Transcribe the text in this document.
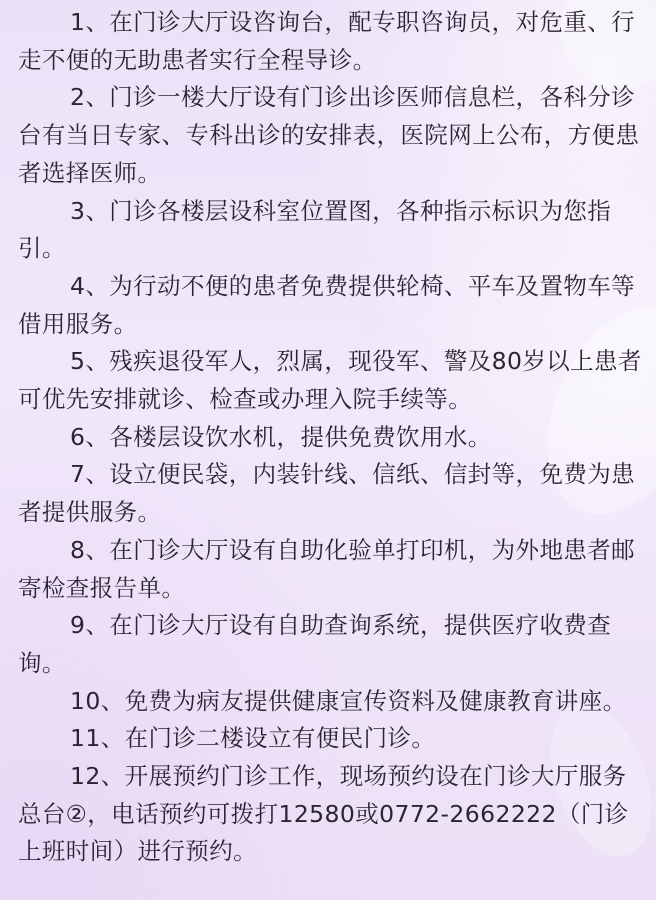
1、在门诊大厅设咨询台，配专职咨询员，对危重、行走不便的无助患者实行全程导诊。

2、门诊一楼大厅设有门诊出诊医师信息栏，各科分诊台有当日专家、专科出诊的安排表，医院网上公布，方便患者选择医师。

3、门诊各楼层设科室位置图，各种指示标识为您指引。

4、为行动不便的患者免费提供轮椅、平车及置物车等借用服务。

5、残疾退役军人，烈属，现役军、警及80岁以上患者可优先安排就诊、检查或办理入院手续等。

6、各楼层设饮水机，提供免费饮用水。

7、设立便民袋，内装针线、信纸、信封等，免费为患者提供服务。

8、在门诊大厅设有自助化验单打印机，为外地患者邮寄检查报告单。

9、在门诊大厅设有自助查询系统，提供医疗收费查询。

10、免费为病友提供健康宣传资料及健康教育讲座。

11、在门诊二楼设立有便民门诊。

12、开展预约门诊工作，现场预约设在门诊大厅服务总台②，电话预约可拨打12580或0772-2662222（门诊上班时间）进行预约。
